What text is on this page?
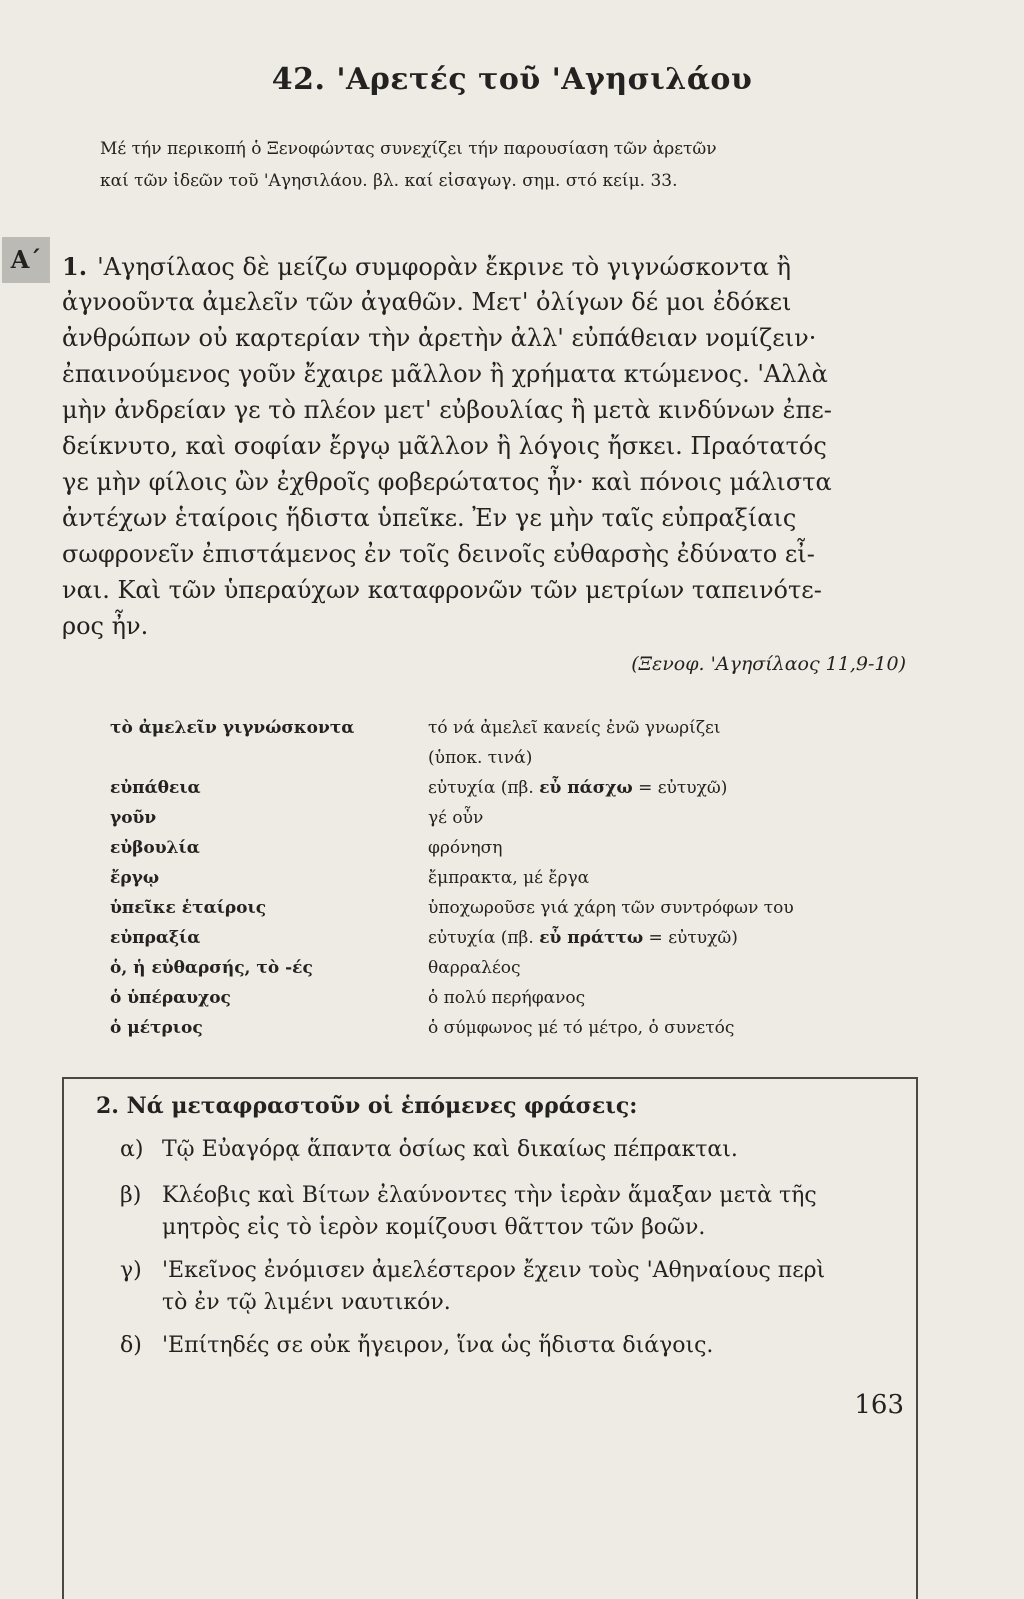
42. 'Αρετές τοῦ 'Αγησιλάου
Μέ τήν περικοπή ὁ Ξενοφώντας συνεχίζει τήν παρουσίαση τῶν ἀρετῶν
καί τῶν ἰδεῶν τοῦ 'Αγησιλάου. βλ. καί εἰσαγωγ. σημ. στό κείμ. 33.
Α΄ 1. 'Αγησίλαος δὲ μείζω συμφορὰν ἔκρινε τὸ γιγνώσκοντα ἢ
ἀγνοοῦντα ἀμελεῖν τῶν ἀγαθῶν. Μετ' ὀλίγων δέ μοι ἐδόκει
ἀνθρώπων οὐ καρτερίαν τὴν ἀρετὴν ἀλλ' εὐπάθειαν νομίζειν·
ἐπαινούμενος γοῦν ἔχαιρε μᾶλλον ἢ χρήματα κτώμενος. 'Αλλὰ
μὴν ἀνδρείαν γε τὸ πλέον μετ' εὐβουλίας ἢ μετὰ κινδύνων ἐπε-
δείκνυτο, καὶ σοφίαν ἔργῳ μᾶλλον ἢ λόγοις ἤσκει. Πραότατός
γε μὴν φίλοις ὢν ἐχθροῖς φοβερώτατος ἦν· καὶ πόνοις μάλιστα
ἀντέχων ἑταίροις ἥδιστα ὑπεῖκε. Ἐν γε μὴν ταῖς εὐπραξίαις
σωφρονεῖν ἐπιστάμενος ἐν τοῖς δεινοῖς εὐθαρσὴς ἐδύνατο εἶ-
ναι. Καὶ τῶν ὑπεραύχων καταφρονῶν τῶν μετρίων ταπεινότε-
ρος ἦν.
(Ξενοφ. 'Αγησίλαος 11,9-10)
τὸ ἀμελεῖν γιγνώσκοντα	τό νά ἀμελεῖ κανείς ἐνῶ γνωρίζει
(ὑποκ. τινά)
εὐπάθεια	εὐτυχία (πβ. εὖ πάσχω = εὐτυχῶ)
γοῦν	γέ οὖν
εὐβουλία	φρόνηση
ἔργῳ	ἔμπρακτα, μέ ἔργα
ὑπεῖκε ἑταίροις	ὑποχωροῦσε γιά χάρη τῶν συντρόφων του
εὐπραξία	εὐτυχία (πβ. εὖ πράττω = εὐτυχῶ)
ὁ, ἡ εὐθαρσής, τὸ -ές	θαρραλέος
ὁ ὑπέραυχος	ὁ πολύ περήφανος
ὁ μέτριος	ὁ σύμφωνος μέ τό μέτρο, ὁ συνετός
2. Νά μεταφραστοῦν οἱ ἑπόμενες φράσεις:
α) Τῷ Εὐαγόρᾳ ἅπαντα ὁσίως καὶ δικαίως πέπρακται.
β) Κλέοβις καὶ Βίτων ἐλαύνοντες τὴν ἱερὰν ἅμαξαν μετὰ τῆς
μητρὸς εἰς τὸ ἱερὸν κομίζουσι θᾶττον τῶν βοῶν.
γ) 'Εκεῖνος ἐνόμισεν ἀμελέστερον ἔχειν τοὺς 'Αθηναίους περὶ
τὸ ἐν τῷ λιμένι ναυτικόν.
δ) 'Επίτηδές σε οὐκ ἤγειρον, ἵνα ὡς ἥδιστα διάγοις.
163
